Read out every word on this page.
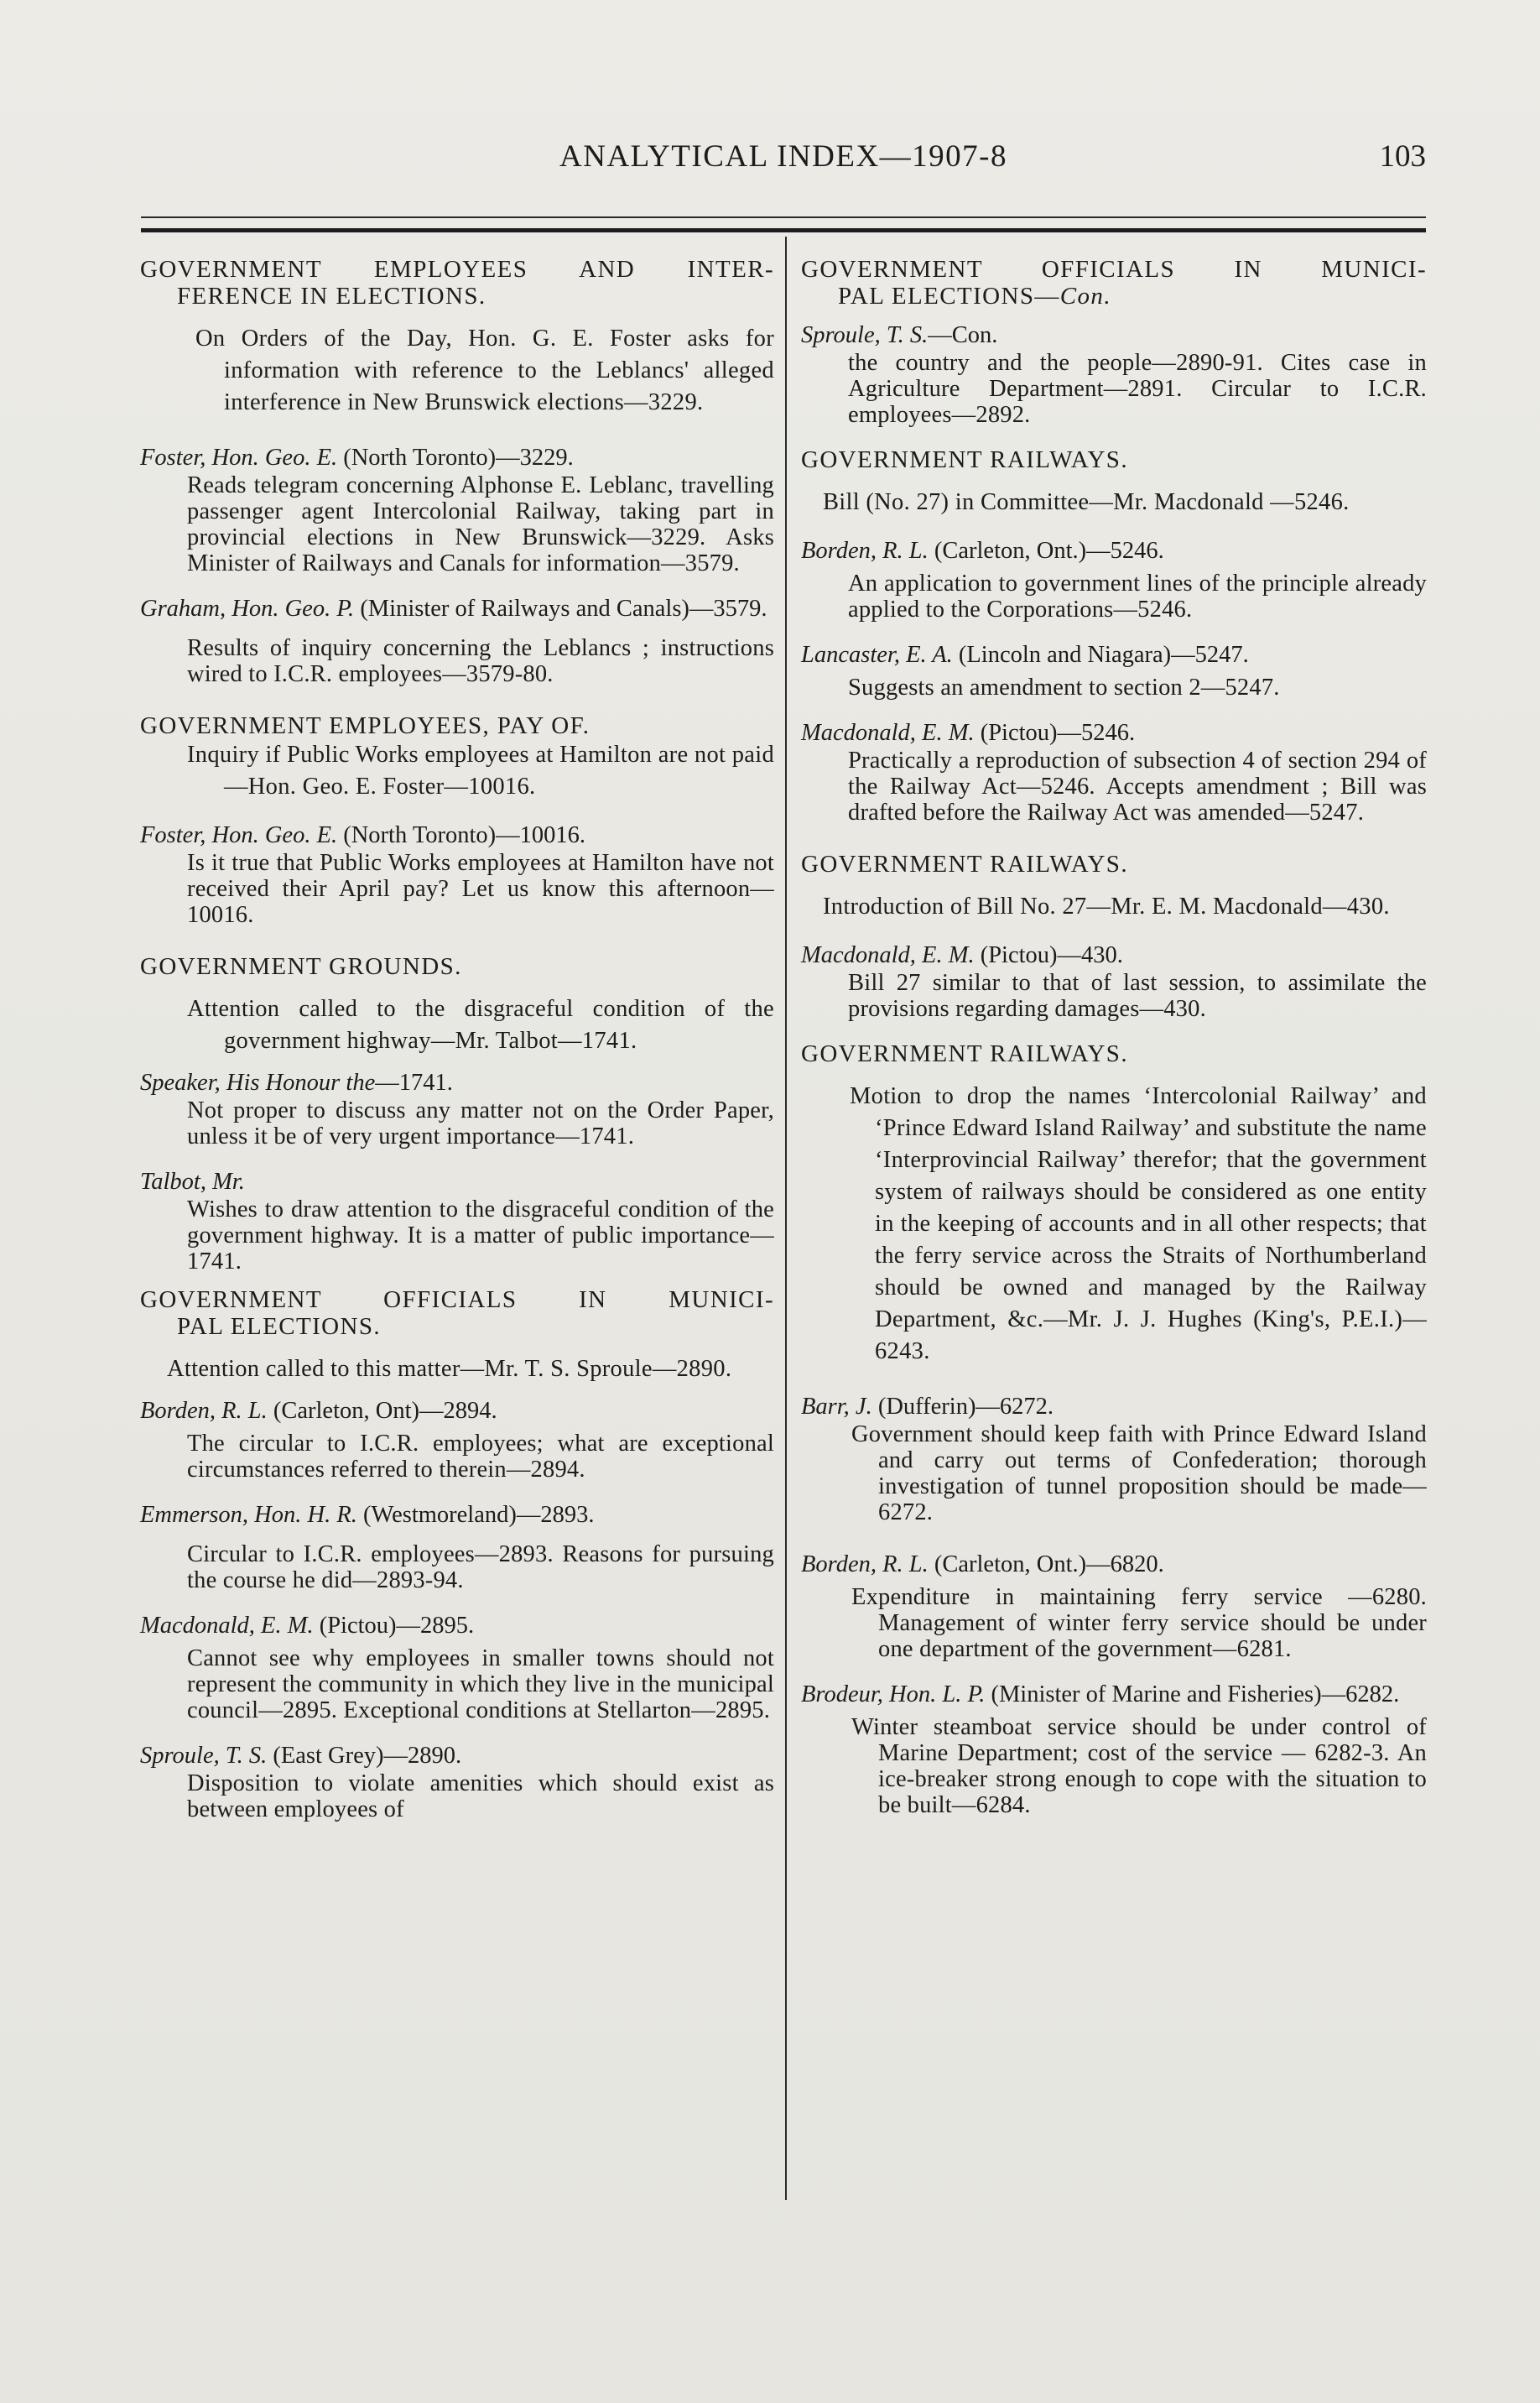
ANALYTICAL INDEX—1907-8	103
GOVERNMENT EMPLOYEES AND INTER-
FERENCE IN ELECTIONS.
On Orders of the Day, Hon. G. E. Foster asks for information with reference to the Leblancs' alleged interference in New Brunswick elections—3229.
Foster, Hon. Geo. E. (North Toronto)—3229.
Reads telegram concerning Alphonse E. Leblanc, travelling passenger agent Intercolonial Railway, taking part in provincial elections in New Brunswick—3229. Asks Minister of Railways and Canals for information—3579.
Graham, Hon. Geo. P. (Minister of Railways and Canals)—3579.
Results of inquiry concerning the Leblancs ; instructions wired to I.C.R. employees—3579-80.
GOVERNMENT EMPLOYEES, PAY OF.
Inquiry if Public Works employees at Hamilton are not paid—Hon. Geo. E. Foster—10016.
Foster, Hon. Geo. E. (North Toronto)—10016.
Is it true that Public Works employees at Hamilton have not received their April pay? Let us know this afternoon—10016.
GOVERNMENT GROUNDS.
Attention called to the disgraceful condition of the government highway—Mr. Talbot—1741.
Speaker, His Honour the—1741.
Not proper to discuss any matter not on the Order Paper, unless it be of very urgent importance—1741.
Talbot, Mr.
Wishes to draw attention to the disgraceful condition of the government highway. It is a matter of public importance—1741.
GOVERNMENT OFFICIALS IN MUNICI-
PAL ELECTIONS.
Attention called to this matter—Mr. T. S. Sproule—2890.
Borden, R. L. (Carleton, Ont)—2894.
The circular to I.C.R. employees; what are exceptional circumstances referred to therein—2894.
Emmerson, Hon. H. R. (Westmoreland)—2893.
Circular to I.C.R. employees—2893. Reasons for pursuing the course he did—2893-94.
Macdonald, E. M. (Pictou)—2895.
Cannot see why employees in smaller towns should not represent the community in which they live in the municipal council—2895. Exceptional conditions at Stellarton—2895.
Sproule, T. S. (East Grey)—2890.
Disposition to violate amenities which should exist as between employees of
GOVERNMENT OFFICIALS IN MUNICI-
PAL ELECTIONS—Con.
Sproule, T. S.—Con.
the country and the people—2890-91. Cites case in Agriculture Department—2891. Circular to I.C.R. employees—2892.
GOVERNMENT RAILWAYS.
Bill (No. 27) in Committee—Mr. Macdonald —5246.
Borden, R. L. (Carleton, Ont.)—5246.
An application to government lines of the principle already applied to the Corporations—5246.
Lancaster, E. A. (Lincoln and Niagara)—5247.
Suggests an amendment to section 2—5247.
Macdonald, E. M. (Pictou)—5246.
Practically a reproduction of subsection 4 of section 294 of the Railway Act—5246. Accepts amendment ; Bill was drafted before the Railway Act was amended—5247.
GOVERNMENT RAILWAYS.
Introduction of Bill No. 27—Mr. E. M. Macdonald—430.
Macdonald, E. M. (Pictou)—430.
Bill 27 similar to that of last session, to assimilate the provisions regarding damages—430.
GOVERNMENT RAILWAYS.
Motion to drop the names ‘Intercolonial Railway’ and ‘Prince Edward Island Railway’ and substitute the name ‘Interprovincial Railway’ therefor; that the government system of railways should be considered as one entity in the keeping of accounts and in all other respects; that the ferry service across the Straits of Northumberland should be owned and managed by the Railway Department, &c.—Mr. J. J. Hughes (King's, P.E.I.)—6243.
Barr, J. (Dufferin)—6272.
Government should keep faith with Prince Edward Island and carry out terms of Confederation; thorough investigation of tunnel proposition should be made—6272.
Borden, R. L. (Carleton, Ont.)—6820.
Expenditure in maintaining ferry service —6280. Management of winter ferry service should be under one department of the government—6281.
Brodeur, Hon. L. P. (Minister of Marine and Fisheries)—6282.
Winter steamboat service should be under control of Marine Department; cost of the service — 6282-3. An ice-breaker strong enough to cope with the situation to be built—6284.
